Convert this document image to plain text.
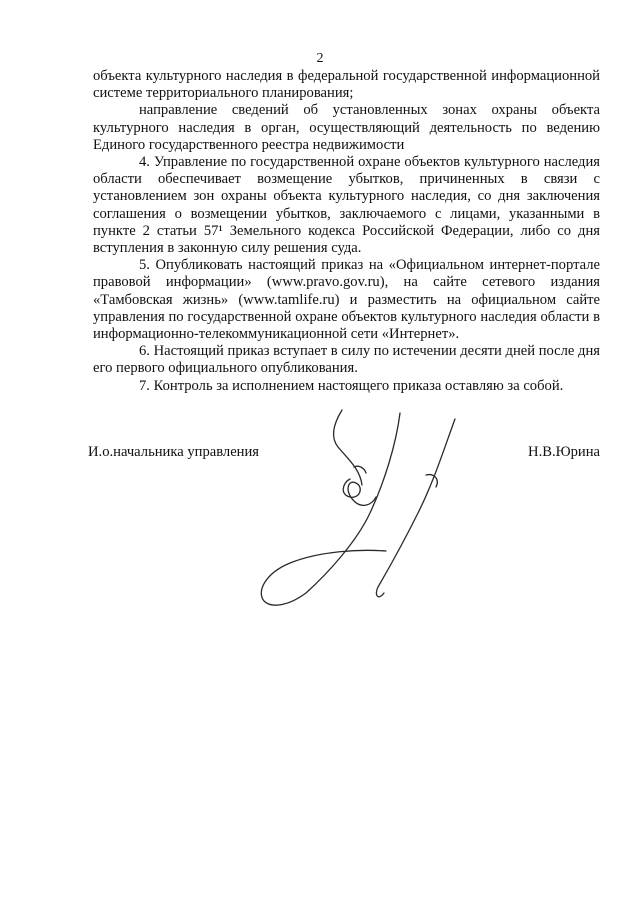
2

объекта культурного наследия в федеральной государственной информационной системе территориального планирования;

направление сведений об установленных зонах охраны объекта культурного наследия в орган, осуществляющий деятельность по ведению Единого государственного реестра недвижимости

4. Управление по государственной охране объектов культурного наследия области обеспечивает возмещение убытков, причиненных в связи с установлением зон охраны объекта культурного наследия, со дня заключения соглашения о возмещении убытков, заключаемого с лицами, указанными в пункте 2 статьи 57¹ Земельного кодекса Российской Федерации, либо со дня вступления в законную силу решения суда.

5. Опубликовать настоящий приказ на «Официальном интернет-портале правовой информации» (www.pravo.gov.ru), на сайте сетевого издания «Тамбовская жизнь» (www.tamlife.ru) и разместить на официальном сайте управления по государственной охране объектов культурного наследия области в информационно-телекоммуникационной сети «Интернет».

6. Настоящий приказ вступает в силу по истечении десяти дней после дня его первого официального опубликования.

7. Контроль за исполнением настоящего приказа оставляю за собой.

И.о.начальника управления	Н.В.Юрина
